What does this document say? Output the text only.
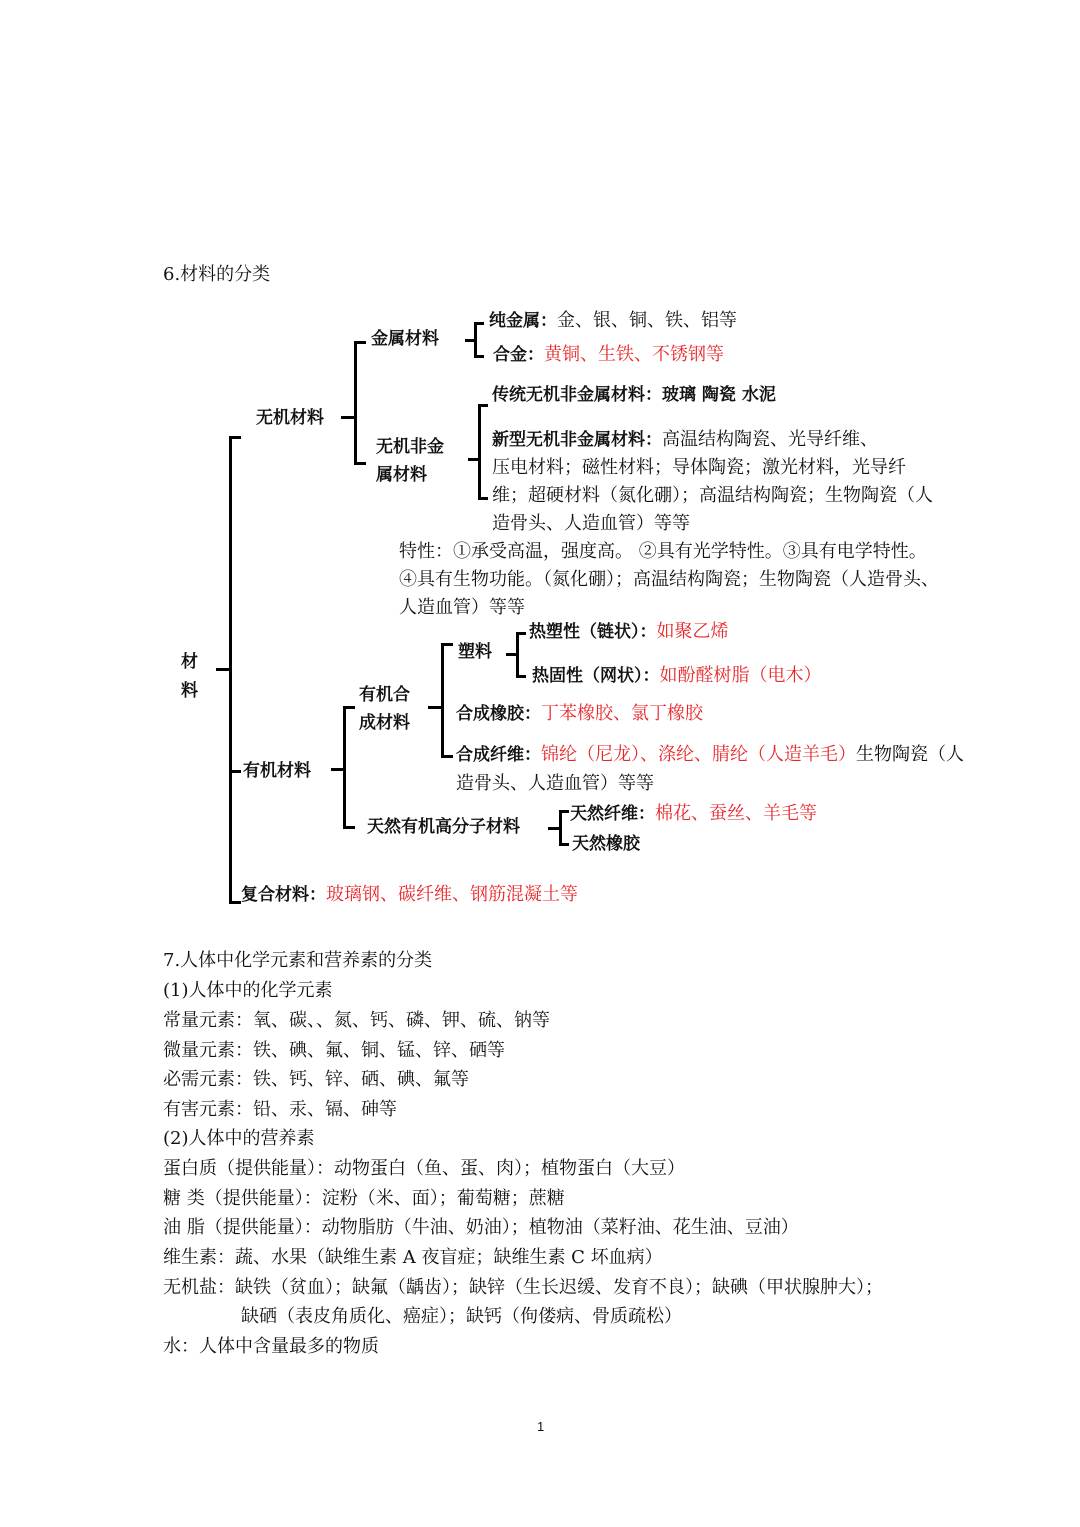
6.材料的分类
材
料
无机材料
金属材料
纯金属：金、银、铜、铁、铝等
合金：黄铜、生铁、不锈钢等
无机非金
属材料
传统无机非金属材料：玻璃 陶瓷 水泥
新型无机非金属材料：高温结构陶瓷、光导纤维、
压电材料；磁性材料；导体陶瓷；激光材料，光导纤
维；超硬材料（氮化硼）；高温结构陶瓷；生物陶瓷（人
造骨头、人造血管）等等
特性：①承受高温，强度高。 ②具有光学特性。③具有电学特性。
④具有生物功能。（氮化硼）；高温结构陶瓷；生物陶瓷（人造骨头、
人造血管）等等
有机材料
有机合
成材料
塑料
热塑性（链状）：如聚乙烯
热固性（网状）：如酚醛树脂（电木）
合成橡胶：丁苯橡胶、氯丁橡胶
合成纤维：锦纶（尼龙）、涤纶、腈纶（人造羊毛）生物陶瓷（人
造骨头、人造血管）等等
天然有机高分子材料
天然纤维：棉花、蚕丝、羊毛等
天然橡胶
复合材料：玻璃钢、碳纤维、钢筋混凝土等
7.人体中化学元素和营养素的分类
(1)人体中的化学元素
常量元素：氧、碳、、氮、钙、磷、钾、硫、钠等
微量元素：铁、碘、氟、铜、锰、锌、硒等
必需元素：铁、钙、锌、硒、碘、氟等
有害元素：铅、汞、镉、砷等
(2)人体中的营养素
蛋白质（提供能量）：动物蛋白（鱼、蛋、肉）；植物蛋白（大豆）
糖 类（提供能量）：淀粉（米、面）；葡萄糖；蔗糖
油 脂（提供能量）：动物脂肪（牛油、奶油）；植物油（菜籽油、花生油、豆油）
维生素：蔬、水果（缺维生素 A 夜盲症；缺维生素 C 坏血病）
无机盐：缺铁（贫血）；缺氟（龋齿）；缺锌（生长迟缓、发育不良）；缺碘（甲状腺肿大）；
缺硒（表皮角质化、癌症）；缺钙（佝偻病、骨质疏松）
水：人体中含量最多的物质
1
